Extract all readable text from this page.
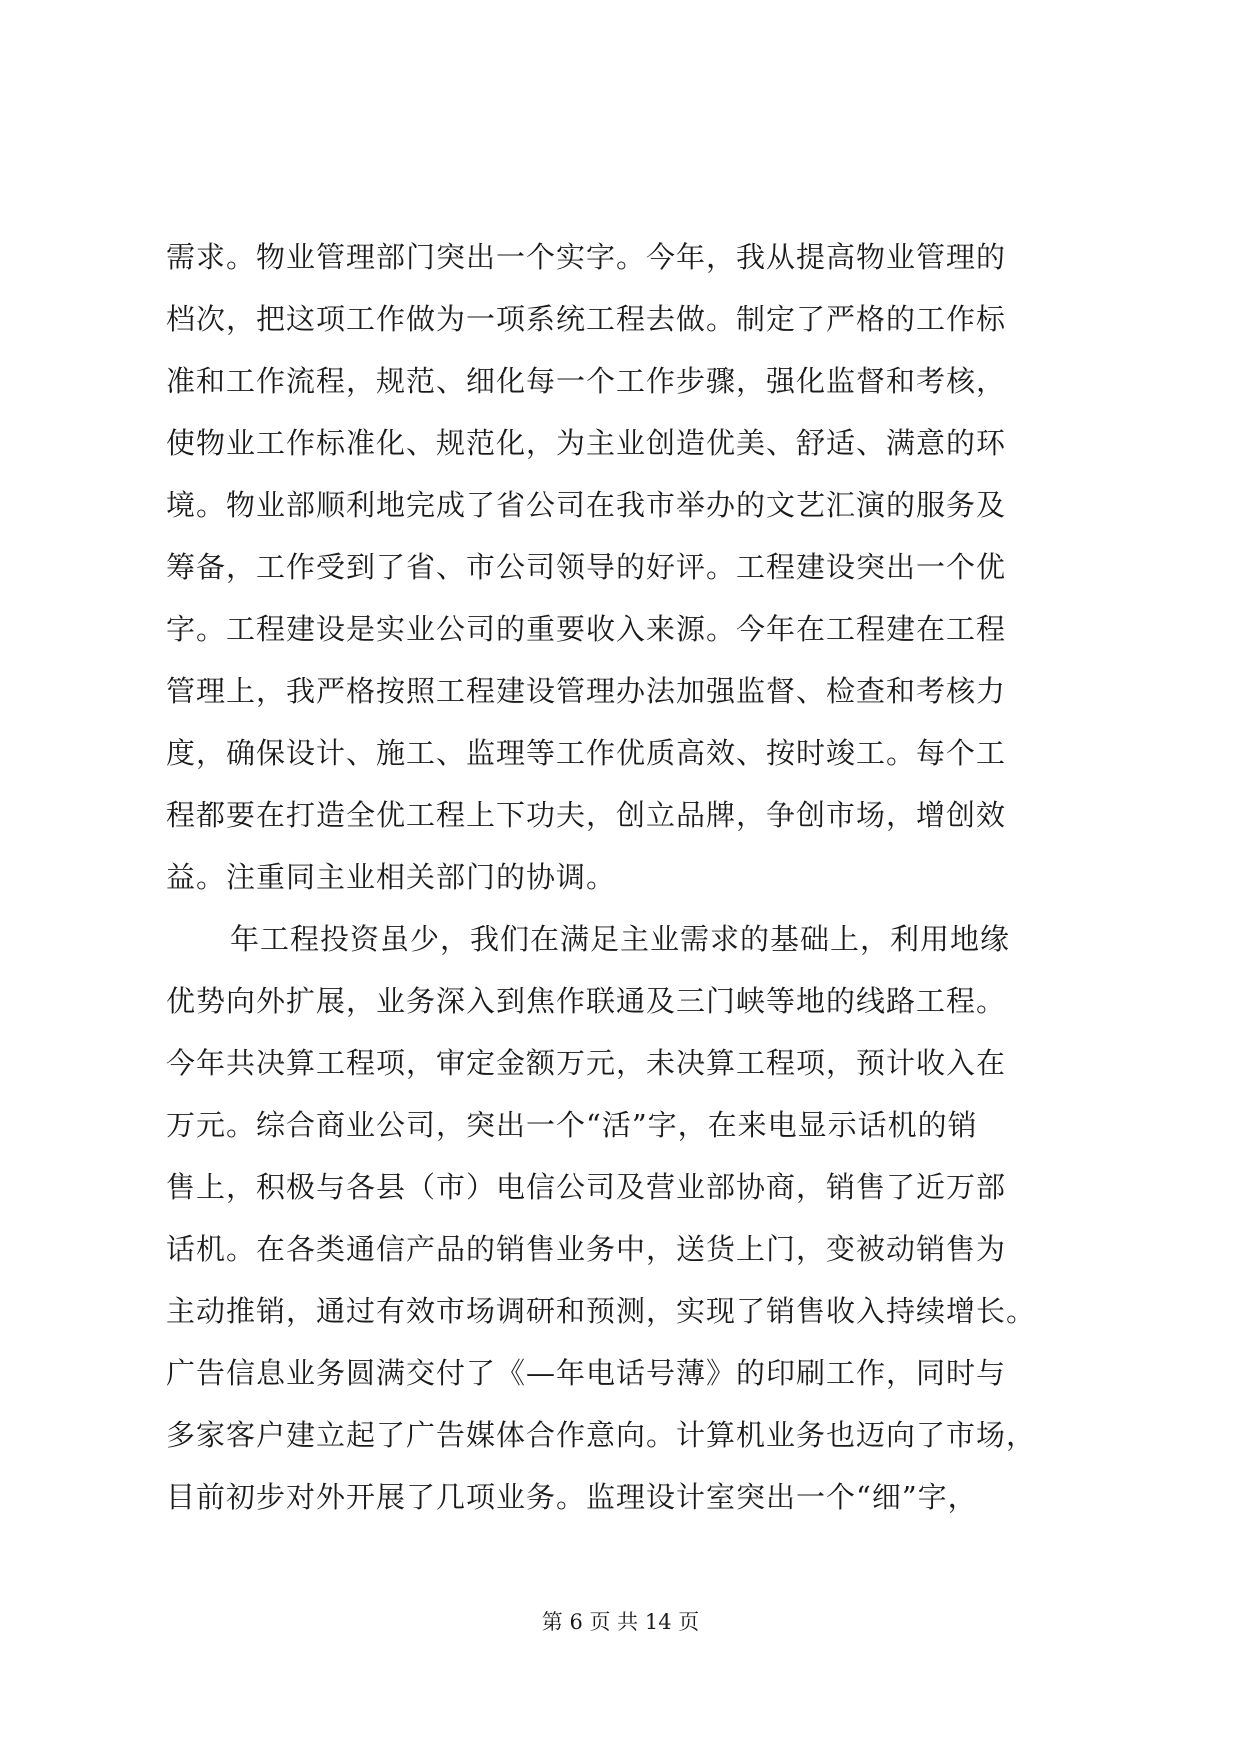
需求。物业管理部门突出一个实字。今年，我从提高物业管理的
档次，把这项工作做为一项系统工程去做。制定了严格的工作标
准和工作流程，规范、细化每一个工作步骤，强化监督和考核，
使物业工作标准化、规范化，为主业创造优美、舒适、满意的环
境。物业部顺利地完成了省公司在我市举办的文艺汇演的服务及
筹备，工作受到了省、市公司领导的好评。工程建设突出一个优
字。工程建设是实业公司的重要收入来源。今年在工程建在工程
管理上，我严格按照工程建设管理办法加强监督、检查和考核力
度，确保设计、施工、监理等工作优质高效、按时竣工。每个工
程都要在打造全优工程上下功夫，创立品牌，争创市场，增创效
益。注重同主业相关部门的协调。
年工程投资虽少，我们在满足主业需求的基础上，利用地缘
优势向外扩展，业务深入到焦作联通及三门峡等地的线路工程。
今年共决算工程项，审定金额万元，未决算工程项，预计收入在
万元。综合商业公司，突出一个“活”字，在来电显示话机的销
售上，积极与各县（市）电信公司及营业部协商，销售了近万部
话机。在各类通信产品的销售业务中，送货上门，变被动销售为
主动推销，通过有效市场调研和预测，实现了销售收入持续增长。
广告信息业务圆满交付了《—年电话号薄》的印刷工作，同时与
多家客户建立起了广告媒体合作意向。计算机业务也迈向了市场，
目前初步对外开展了几项业务。监理设计室突出一个“细”字，
第 6 页 共 14 页
